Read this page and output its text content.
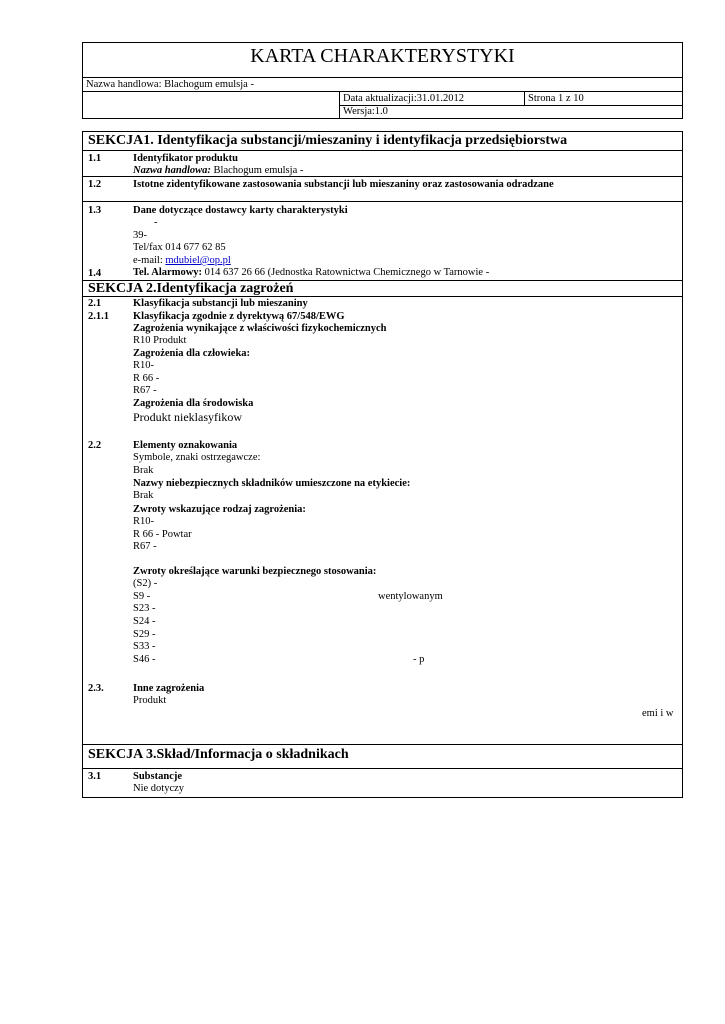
KARTA CHARAKTERYSTYKI
Nazwa handlowa: Blachogum emulsja -
Data aktualizacji:31.01.2012	Strona 1 z 10
Wersja:1.0
SEKCJA1. Identyfikacja substancji/mieszaniny i identyfikacja przedsiębiorstwa
1.1	Identyfikator produktu
Nazwa handlowa: Blachogum emulsja -
1.2	Istotne zidentyfikowane zastosowania substancji lub mieszaniny oraz zastosowania odradzane
1.3	Dane dotyczące dostawcy karty charakterystyki
-
39-
Tel/fax 014 677 62 85
e-mail: mdubiel@op.pl
1.4	Tel. Alarmowy: 014 637 26 66 (Jednostka Ratownictwa Chemicznego w Tarnowie -
SEKCJA 2.Identyfikacja zagrożeń
2.1	Klasyfikacja substancji lub mieszaniny
2.1.1 Klasyfikacja zgodnie z dyrektywą 67/548/EWG
Zagrożenia wynikające z właściwości fizykochemicznych
R10 Produkt
Zagrożenia dla człowieka:
R10-
R 66 -
R67 -
Zagrożenia dla środowiska
Produkt nieklasyfikow
2.2	Elementy oznakowania
Symbole, znaki ostrzegawcze:
Brak
Nazwy niebezpiecznych składników umieszczone na etykiecie:
Brak
Zwroty wskazujące rodzaj zagrożenia:
R10-
R 66 - Powtar
R67 -
Zwroty określające warunki bezpiecznego stosowania:
(S2) -
S9 -	wentylowanym
S23 -
S24 -
S29 -
S33 -
S46 -	- p
2.3.	Inne zagrożenia
Produkt
emi i w
SEKCJA 3.Skład/Informacja o składnikach
3.1	Substancje
Nie dotyczy
